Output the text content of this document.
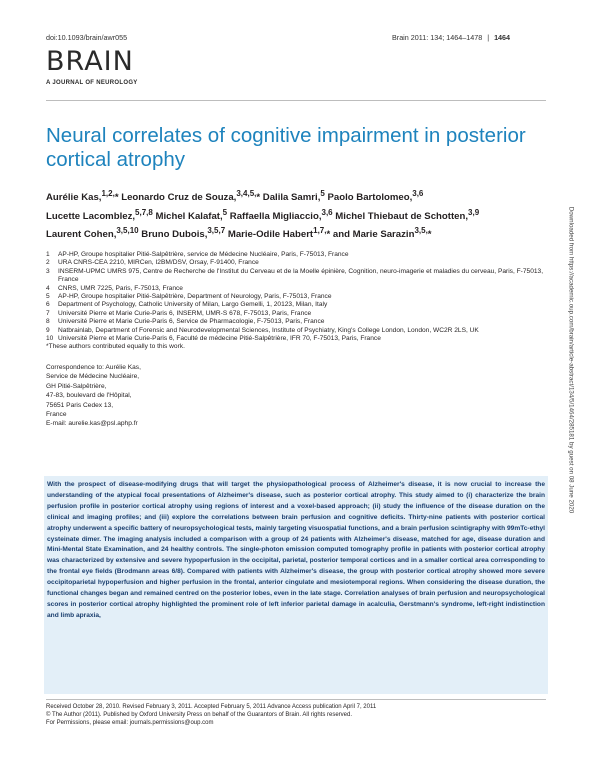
doi:10.1093/brain/awr055	Brain 2011: 134; 1464–1478 | 1464
BRAIN
A JOURNAL OF NEUROLOGY
Neural correlates of cognitive impairment in posterior cortical atrophy
Aurélie Kas,$^{1,2,}$* Leonardo Cruz de Souza,$^{3,4,5,}$* Dalila Samri,$^5$ Paolo Bartolomeo,$^{3,6}$
Lucette Lacomblez,$^{5,7,8}$ Michel Kalafat,$^5$ Raffaella Migliaccio,$^{3,6}$ Michel Thiebaut de Schotten,$^{3,9}$
Laurent Cohen,$^{3,5,10}$ Bruno Dubois,$^{3,5,7}$ Marie-Odile Habert$^{1,7,}$* and Marie Sarazin$^{3,5,}$*
1	AP-HP, Groupe hospitalier Pitié-Salpêtrière, service de Médecine Nucléaire, Paris, F-75013, France
2	URA CNRS-CEA 2210, MIRCen, I2BM/DSV, Orsay, F-91400, France
3	INSERM-UPMC UMRS 975, Centre de Recherche de l'Institut du Cerveau et de la Moelle épinière, Cognition, neuro-imagerie et maladies du cerveau, Paris, F-75013, France
4	CNRS, UMR 7225, Paris, F-75013, France
5	AP-HP, Groupe hospitalier Pitié-Salpêtrière, Department of Neurology, Paris, F-75013, France
6	Department of Psychology, Catholic University of Milan, Largo Gemelli, 1, 20123, Milan, Italy
7	Université Pierre et Marie Curie-Paris 6, INSERM, UMR-S 678, F-75013, Paris, France
8	Université Pierre et Marie Curie-Paris 6, Service de Pharmacologie, F-75013, Paris, France
9	Natbrainlab, Department of Forensic and Neurodevelopmental Sciences, Institute of Psychiatry, King's College London, London, WC2R 2LS, UK
10 Université Pierre et Marie Curie-Paris 6, Faculté de médecine Pitié-Salpêtrière, IFR 70, F-75013, Paris, France
*These authors contributed equally to this work.
Correspondence to: Aurélie Kas,
Service de Médecine Nucléaire,
GH Pitié-Salpêtrière,
47-83, boulevard de l'Hôpital,
75651 Paris Cedex 13,
France
E-mail: aurelie.kas@psl.aphp.fr

With the prospect of disease-modifying drugs that will target the physiopathological process of Alzheimer's disease, it is now crucial to increase the understanding of the atypical focal presentations of Alzheimer's disease, such as posterior cortical atrophy. This study aimed to (i) characterize the brain perfusion profile in posterior cortical atrophy using regions of interest and a voxel-based approach; (ii) study the influence of the disease duration on the clinical and imaging profiles; and (iii) explore the correlations between brain perfusion and cognitive deficits. Thirty-nine patients with posterior cortical atrophy underwent a specific battery of neuropsychological tests, mainly targeting visuospatial functions, and a brain perfusion scintigraphy with 99mTc-ethyl cysteinate dimer. The imaging analysis included a comparison with a group of 24 patients with Alzheimer's disease, matched for age, disease duration and Mini-Mental State Examination, and 24 healthy controls. The single-photon emission computed tomography profile in patients with posterior cortical atrophy was characterized by extensive and severe hypoperfusion in the occipital, parietal, posterior temporal cortices and in a smaller cortical area corresponding to the frontal eye fields (Brodmann areas 6/8). Compared with patients with Alzheimer's disease, the group with posterior cortical atrophy showed more severe occipitoparietal hypoperfusion and higher perfusion in the frontal, anterior cingulate and mesiotemporal regions. When considering the disease duration, the functional changes began and remained centred on the posterior lobes, even in the late stage. Correlation analyses of brain perfusion and neuropsychological scores in posterior cortical atrophy highlighted the prominent role of left inferior parietal damage in acalculia, Gerstmann's syndrome, left-right indistinction and limb apraxia,

Received October 28, 2010. Revised February 3, 2011. Accepted February 5, 2011 Advance Access publication April 7, 2011
© The Author (2011). Published by Oxford University Press on behalf of the Guarantors of Brain. All rights reserved.
For Permissions, please email: journals.permissions@oup.com
Downloaded from https://academic.oup.com/brain/article-abstract/134/5/1464/285181 by guest on 08 June 2020
